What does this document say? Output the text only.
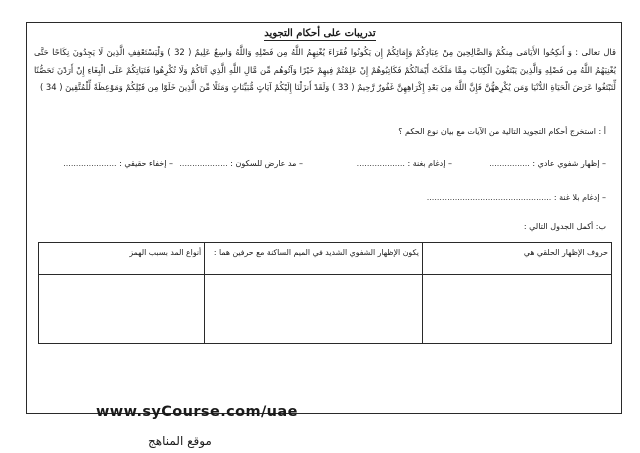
تدريبات على أحكام التجويد
قال تعالى : وَ أَنكِحُوا الأَيَامَى مِنكُمْ وَالصَّالِحِينَ مِنْ عِبَادِكُمْ وَإِمَائِكُمْ إِن يَكُونُوا فُقَرَاءَ يُغْنِهِمُ اللَّهُ مِن فَضْلِهِ وَاللَّهُ وَاسِعٌ عَلِيمٌ ( 32 ) وَلْيَسْتَعْفِفِ الَّذِينَ لَا يَجِدُونَ نِكَاحًا حَتَّى يُغْنِيَهُمُ اللَّهُ مِن فَضْلِهِ وَالَّذِينَ يَبْتَغُونَ الْكِتَابَ مِمَّا مَلَكَتْ أَيْمَانُكُمْ فَكَاتِبُوهُمْ إِنْ عَلِمْتُمْ فِيهِمْ خَيْرًا وَآتُوهُم مِّن مَّالِ اللَّهِ الَّذِي آتَاكُمْ وَلَا تُكْرِهُوا فَتَيَاتِكُمْ عَلَى الْبِغَاءِ إِنْ أَرَدْنَ تَحَصُّنًا لِّتَبْتَغُوا عَرَضَ الْحَيَاةِ الدُّنْيَا وَمَن يُكْرِههُّنَّ فَإِنَّ اللَّهَ مِن بَعْدِ إِكْرَاهِهِنَّ غَفُورٌ رَّحِيمٌ ( 33 ) وَلَقَدْ أَنزَلْنَا إِلَيْكُمْ آيَاتٍ مُّبَيِّنَاتٍ وَمَثَلًا مِّنَ الَّذِينَ خَلَوْا مِن قَبْلِكُمْ وَمَوْعِظَةً لِّلْمُتَّقِينَ ( 34 )
أ : استخرج أحكام التجويد التالية من الآيات مع بيان نوع الحكم ؟
– إظهار شفوي عادي : ................
– إدغام بغنة : ...................
– مد عارض للسكون : ...................
– إخفاء حقيقي : .....................
– إدغام بلا غنة : .................................................
ب: أكمل الجدول التالي :
حروف الإظهار الحلقي هي	يكون الإظهار الشفوي الشديد في الميم الساكنة مع حرفين هما :	أنواع المد بسبب الهمز

www.syCourse.com/uae
موقع المناهج
